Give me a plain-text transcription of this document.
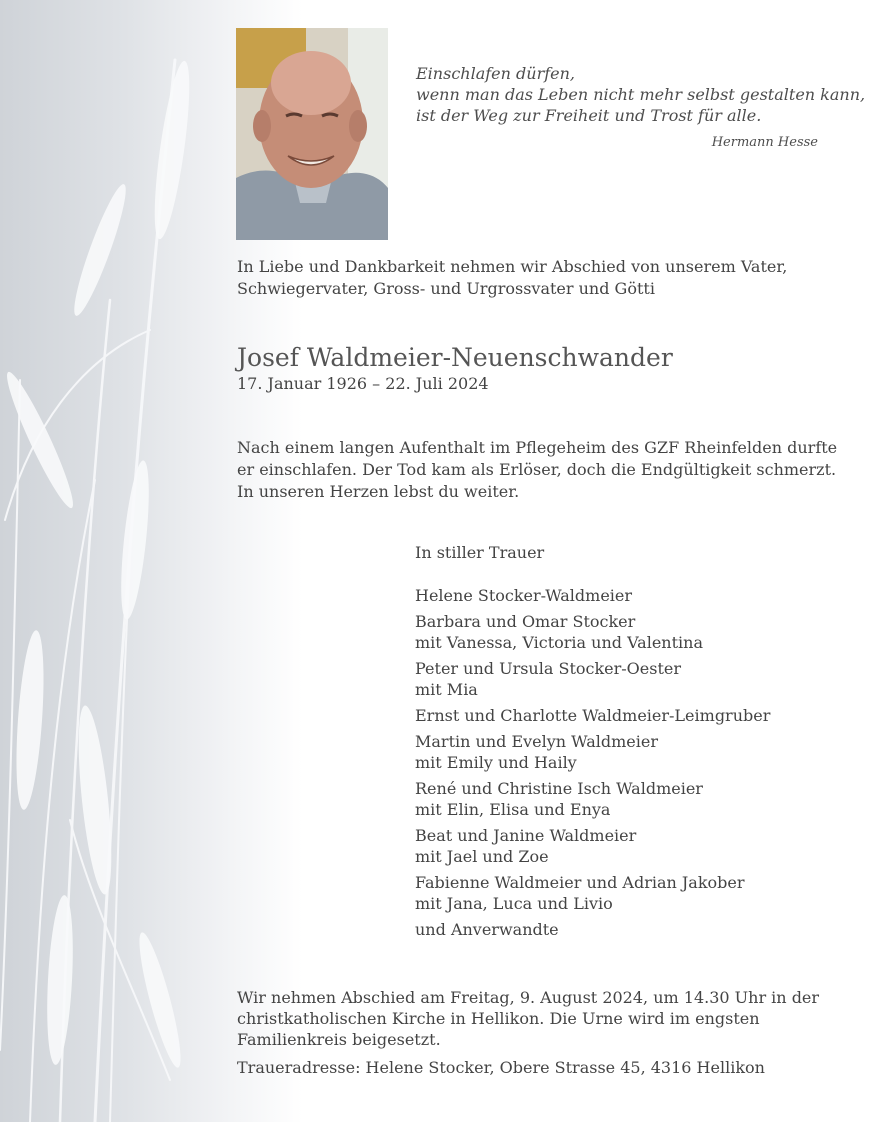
Einschlafen dürfen,
wenn man das Leben nicht mehr selbst gestalten kann,
ist der Weg zur Freiheit und Trost für alle.
Hermann Hesse
In Liebe und Dankbarkeit nehmen wir Abschied von unserem Vater,
Schwiegervater, Gross- und Urgrossvater und Götti
Josef Waldmeier-Neuenschwander
17. Januar 1926 – 22. Juli 2024
Nach einem langen Aufenthalt im Pflegeheim des GZF Rheinfelden durfte
er einschlafen. Der Tod kam als Erlöser, doch die Endgültigkeit schmerzt.
In unseren Herzen lebst du weiter.
In stiller Trauer
Helene Stocker-Waldmeier
Barbara und Omar Stocker
mit Vanessa, Victoria und Valentina
Peter und Ursula Stocker-Oester
mit Mia
Ernst und Charlotte Waldmeier-Leimgruber
Martin und Evelyn Waldmeier
mit Emily und Haily
René und Christine Isch Waldmeier
mit Elin, Elisa und Enya
Beat und Janine Waldmeier
mit Jael und Zoe
Fabienne Waldmeier und Adrian Jakober
mit Jana, Luca und Livio
und Anverwandte
Wir nehmen Abschied am Freitag, 9. August 2024, um 14.30 Uhr in der
christkatholischen Kirche in Hellikon. Die Urne wird im engsten
Familienkreis beigesetzt.
Traueradresse: Helene Stocker, Obere Strasse 45, 4316 Hellikon
